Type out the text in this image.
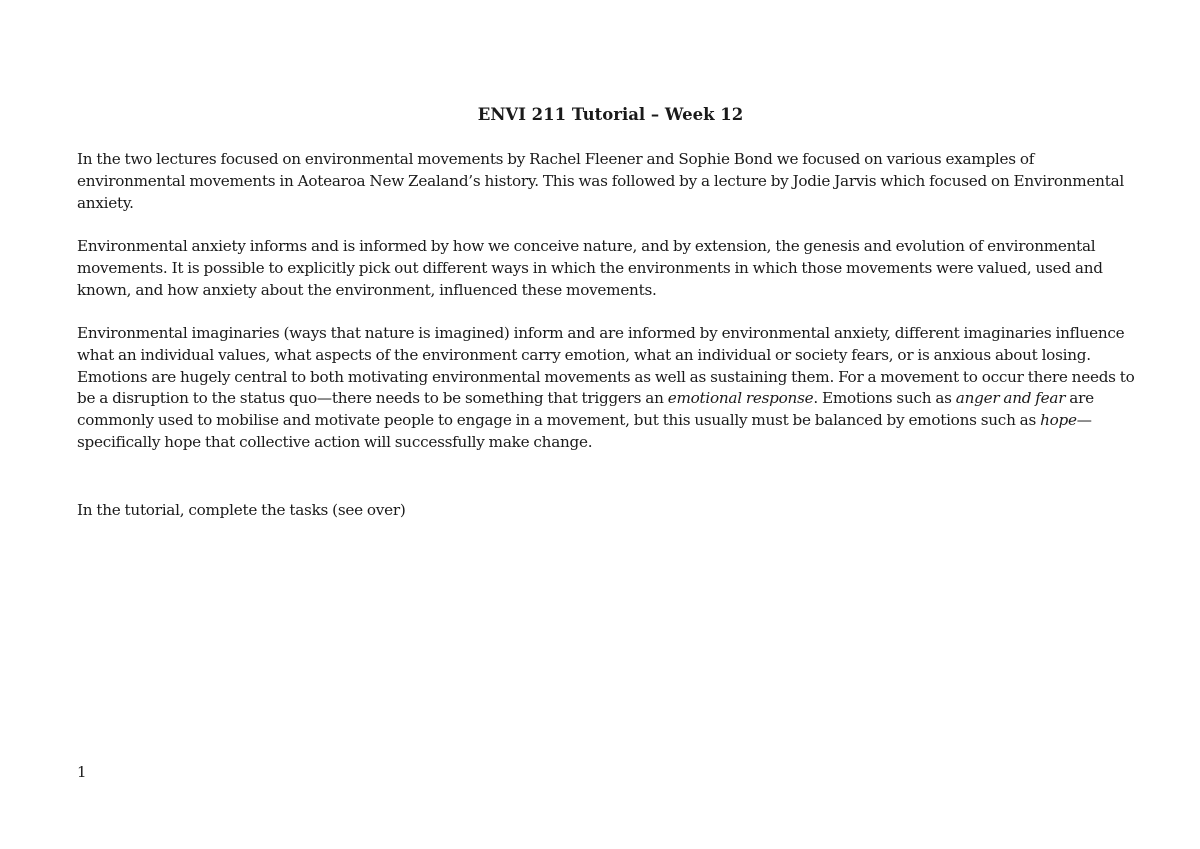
ENVI 211 Tutorial – Week 12

In the two lectures focused on environmental movements by Rachel Fleener and Sophie Bond we focused on various examples of environmental movements in Aotearoa New Zealand’s history. This was followed by a lecture by Jodie Jarvis which focused on Environmental anxiety.

Environmental anxiety informs and is informed by how we conceive nature, and by extension, the genesis and evolution of environmental movements. It is possible to explicitly pick out different ways in which the environments in which those movements were valued, used and known, and how anxiety about the environment, influenced these movements.

Environmental imaginaries (ways that nature is imagined) inform and are informed by environmental anxiety, different imaginaries influence what an individual values, what aspects of the environment carry emotion, what an individual or society fears, or is anxious about losing. Emotions are hugely central to both motivating environmental movements as well as sustaining them. For a movement to occur there needs to be a disruption to the status quo—there needs to be something that triggers an emotional response. Emotions such as anger and fear are commonly used to mobilise and motivate people to engage in a movement, but this usually must be balanced by emotions such as hope—specifically hope that collective action will successfully make change.

In the tutorial, complete the tasks (see over)

1
